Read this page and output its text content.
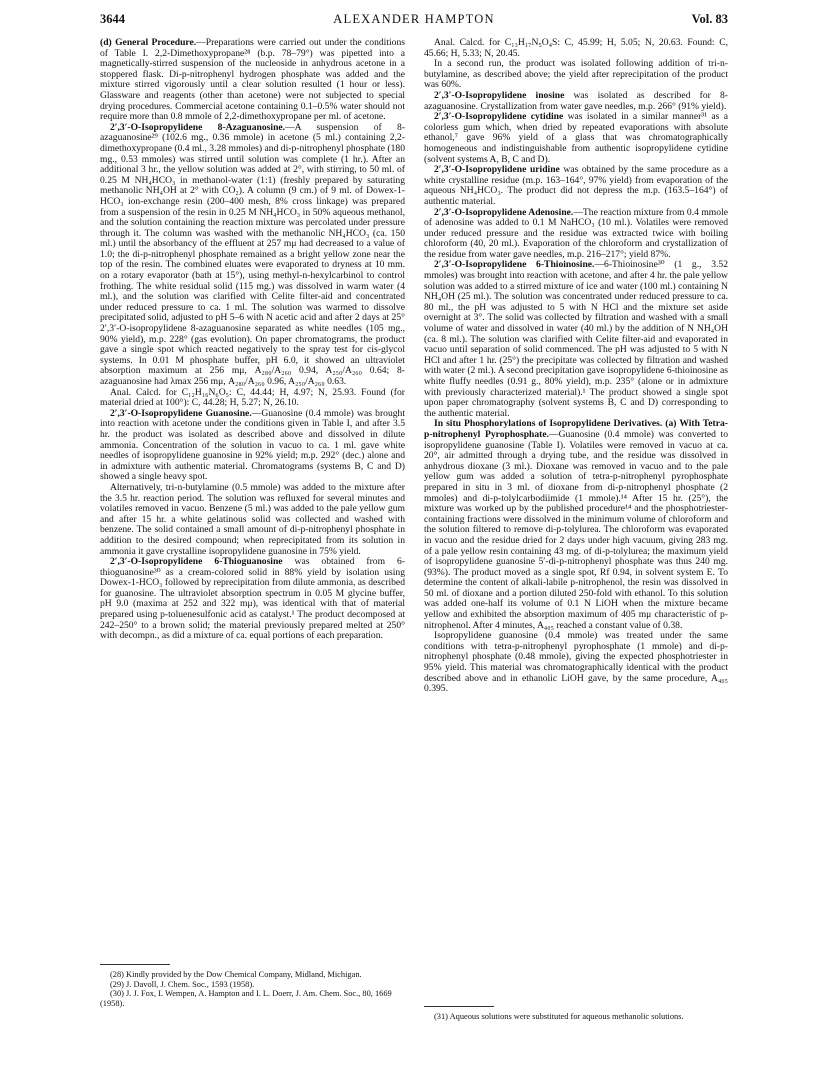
ALEXANDER HAMPTON
3644	Vol. 83

(d) General Procedure.—Preparations were carried out under the conditions of Table I. 2,2-Dimethoxypropane²⁸ (b.p. 78–79°) was pipetted into a magnetically-stirred suspension of the nucleoside in anhydrous acetone in a stoppered flask. Di-p-nitrophenyl hydrogen phosphate was added and the mixture stirred vigorously until a clear solution resulted (1 hour or less). Glassware and reagents (other than acetone) were not subjected to special drying procedures. Commercial acetone containing 0.1–0.5% water should not require more than 0.8 mmole of 2,2-dimethoxypropane per ml. of acetone.

2′,3′-O-Isopropylidene 8-Azaguanosine.—A suspension of 8-azaguanosine²⁹ (102.6 mg., 0.36 mmole) in acetone (5 ml.) containing 2,2-dimethoxypropane (0.4 ml., 3.28 mmoles) and di-p-nitrophenyl phosphate (180 mg., 0.53 mmoles) was stirred until solution was complete (1 hr.). After an additional 3 hr., the yellow solution was added at 2°, with stirring, to 50 ml. of 0.25 M NH₄HCO₃ in methanol-water (1:1) (freshly prepared by saturating methanolic NH₄OH at 2° with CO₂). A column (9 cm.) of 9 ml. of Dowex-1-HCO₃ ion-exchange resin (200–400 mesh, 8% cross linkage) was prepared from a suspension of the resin in 0.25 M NH₄HCO₃ in 50% aqueous methanol, and the solution containing the reaction mixture was percolated under pressure through it. The column was washed with the methanolic NH₄HCO₃ (ca. 150 ml.) until the absorbancy of the effluent at 257 mμ had decreased to a value of 1.0; the di-p-nitrophenyl phosphate remained as a bright yellow zone near the top of the resin. The combined eluates were evaporated to dryness at 10 mm. on a rotary evaporator (bath at 15°), using methyl-n-hexylcarbinol to control frothing. The white residual solid (115 mg.) was dissolved in warm water (4 ml.), and the solution was clarified with Celite filter-aid and concentrated under reduced pressure to ca. 1 ml. The solution was warmed to dissolve precipitated solid, adjusted to pH 5–6 with N acetic acid and after 2 days at 25° 2′,3′-O-isopropylidene 8-azaguanosine separated as white needles (105 mg., 90% yield), m.p. 228° (gas evolution). On paper chromatograms, the product gave a single spot which reacted negatively to the spray test for cis-glycol systems. In 0.01 M phosphate buffer, pH 6.0, it showed an ultraviolet absorption maximum at 256 mμ, A₂₈₀/A₂₆₀ 0.94, A₂₅₀/A₂₆₀ 0.64; 8-azaguanosine had λmax 256 mμ, A₂₈₀/A₂₆₀ 0.96, A₂₅₀/A₂₆₀ 0.63.

Anal. Calcd. for C₁₂H₁₆N₆O₅: C, 44.44; H, 4.97; N, 25.93. Found (for material dried at 100°): C, 44.28; H, 5.27; N, 26.10.

2′,3′-O-Isopropylidene Guanosine.—Guanosine (0.4 mmole) was brought into reaction with acetone under the conditions given in Table I, and after 3.5 hr. the product was isolated as described above and dissolved in dilute ammonia. Concentration of the solution in vacuo to ca. 1 ml. gave white needles of isopropylidene guanosine in 92% yield; m.p. 292° (dec.) alone and in admixture with authentic material. Chromatograms (systems B, C and D) showed a single heavy spot.

Alternatively, tri-n-butylamine (0.5 mmole) was added to the mixture after the 3.5 hr. reaction period. The solution was refluxed for several minutes and volatiles removed in vacuo. Benzene (5 ml.) was added to the pale yellow gum and after 15 hr. a white gelatinous solid was collected and washed with benzene. The solid contained a small amount of di-p-nitrophenyl phosphate in addition to the desired compound; when reprecipitated from its solution in ammonia it gave crystalline isopropylidene guanosine in 75% yield.

2′,3′-O-Isopropylidene 6-Thioguanosine was obtained from 6-thioguanosine³⁰ as a cream-colored solid in 88% yield by isolation using Dowex-1-HCO₃ followed by reprecipitation from dilute ammonia, as described for guanosine. The ultraviolet absorption spectrum in 0.05 M glycine buffer, pH 9.0 (maxima at 252 and 322 mμ), was identical with that of material prepared using p-toluenesulfonic acid as catalyst.¹ The product decomposed at 242–250° to a brown solid; the material previously prepared melted at 250° with decompn., as did a mixture of ca. equal portions of each preparation.

(28) Kindly provided by the Dow Chemical Company, Midland, Michigan.

(29) J. Davoll, J. Chem. Soc., 1593 (1958).

(30) J. J. Fox, I. Wempen, A. Hampton and I. L. Doerr, J. Am. Chem. Soc., 80, 1669 (1958).

Anal. Calcd. for C₁₃H₁₇N₅O₄S: C, 45.99; H, 5.05; N, 20.63. Found: C, 45.66; H, 5.33; N, 20.45.

In a second run, the product was isolated following addition of tri-n-butylamine, as described above; the yield after reprecipitation of the product was 60%.

2′,3′-O-Isopropylidene inosine was isolated as described for 8-azaguanosine. Crystallization from water gave needles, m.p. 266° (91% yield).

2′,3′-O-Isopropylidene cytidine was isolated in a similar manner³¹ as a colorless gum which, when dried by repeated evaporations with absolute ethanol,⁷ gave 96% yield of a glass that was chromatographically homogeneous and indistinguishable from authentic isopropylidene cytidine (solvent systems A, B, C and D).

2′,3′-O-Isopropylidene uridine was obtained by the same procedure as a white crystalline residue (m.p. 163–164°, 97% yield) from evaporation of the aqueous NH₄HCO₃. The product did not depress the m.p. (163.5–164°) of authentic material.

2′,3′-O-Isopropylidene Adenosine.—The reaction mixture from 0.4 mmole of adenosine was added to 0.1 M NaHCO₃ (10 ml.). Volatiles were removed under reduced pressure and the residue was extracted twice with boiling chloroform (40, 20 ml.). Evaporation of the chloroform and crystallization of the residue from water gave needles, m.p. 216–217°; yield 87%.

2′,3′-O-Isopropylidene 6-Thioinosine.—6-Thioinosine³⁰ (1 g., 3.52 mmoles) was brought into reaction with acetone, and after 4 hr. the pale yellow solution was added to a stirred mixture of ice and water (100 ml.) containing N NH₄OH (25 ml.). The solution was concentrated under reduced pressure to ca. 80 ml., the pH was adjusted to 5 with N HCl and the mixture set aside overnight at 3°. The solid was collected by filtration and washed with a small volume of water and dissolved in water (40 ml.) by the addition of N NH₄OH (ca. 8 ml.). The solution was clarified with Celite filter-aid and evaporated in vacuo until separation of solid commenced. The pH was adjusted to 5 with N HCl and after 1 hr. (25°) the precipitate was collected by filtration and washed with water (2 ml.). A second precipitation gave isopropylidene 6-thioinosine as white fluffy needles (0.91 g., 80% yield), m.p. 235° (alone or in admixture with previously characterized material).¹ The product showed a single spot upon paper chromatography (solvent systems B, C and D) corresponding to the authentic material.

In situ Phosphorylations of Isopropylidene Derivatives. (a) With Tetra-p-nitrophenyl Pyrophosphate.—Guanosine (0.4 mmole) was converted to isopropylidene guanosine (Table I). Volatiles were removed in vacuo at ca. 20°, air admitted through a drying tube, and the residue was dissolved in anhydrous dioxane (3 ml.). Dioxane was removed in vacuo and to the pale yellow gum was added a solution of tetra-p-nitrophenyl pyrophosphate prepared in situ in 3 ml. of dioxane from di-p-nitrophenyl phosphate (2 mmoles) and di-p-tolylcarbodiimide (1 mmole).¹⁴ After 15 hr. (25°), the mixture was worked up by the published procedure¹⁴ and the phosphotriester-containing fractions were dissolved in the minimum volume of chloroform and the solution filtered to remove di-p-tolylurea. The chloroform was evaporated in vacuo and the residue dried for 2 days under high vacuum, giving 283 mg. of a pale yellow resin containing 43 mg. of di-p-tolylurea; the maximum yield of isopropylidene guanosine 5′-di-p-nitrophenyl phosphate was thus 240 mg. (93%). The product moved as a single spot, Rf 0.94, in solvent system E. To determine the content of alkali-labile p-nitrophenol, the resin was dissolved in 50 ml. of dioxane and a portion diluted 250-fold with ethanol. To this solution was added one-half its volume of 0.1 N LiOH when the mixture became yellow and exhibited the absorption maximum of 405 mμ characteristic of p-nitrophenol. After 4 minutes, A₄₀₅ reached a constant value of 0.38.

Isopropylidene guanosine (0.4 mmole) was treated under the same conditions with tetra-p-nitrophenyl pyrophosphate (1 mmole) and di-p-nitrophenyl phosphate (0.48 mmole), giving the expected phosphotriester in 95% yield. This material was chromatographically identical with the product described above and in ethanolic LiOH gave, by the same procedure, A₄₀₅ 0.395.

(31) Aqueous solutions were substituted for aqueous methanolic solutions.
